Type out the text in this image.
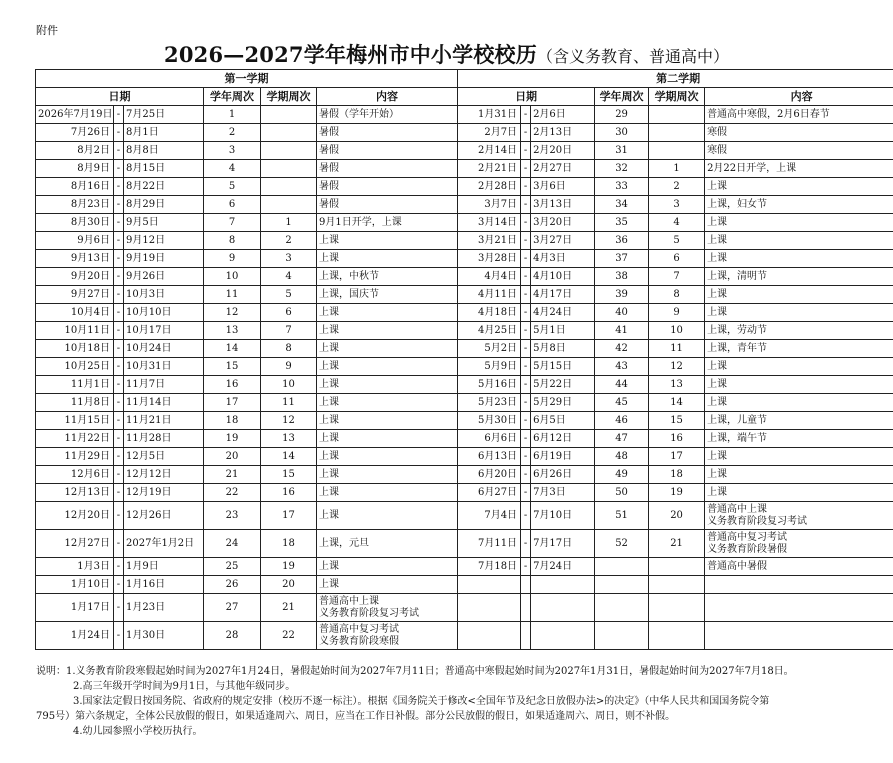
附件
2026—2027学年梅州市中小学校校历（含义务教育、普通高中）
第一学期						第二学期					
日期			学年周次	学期周次	内容	日期			学年周次	学期周次	内容
2026年7月19日	-	7月25日	1		暑假（学年开始）	1月31日	-	2月6日	29		普通高中寒假，2月6日春节

7月26日	-	8月1日	2		暑假	2月7日	-	2月13日	30		寒假

8月2日	-	8月8日	3		暑假	2月14日	-	2月20日	31		寒假

8月9日	-	8月15日	4		暑假	2月21日	-	2月27日	32	1	2月22日开学，上课

8月16日	-	8月22日	5		暑假	2月28日	-	3月6日	33	2	上课

8月23日	-	8月29日	6		暑假	3月7日	-	3月13日	34	3	上课，妇女节

8月30日	-	9月5日	7	1	9月1日开学，上课	3月14日	-	3月20日	35	4	上课

9月6日	-	9月12日	8	2	上课	3月21日	-	3月27日	36	5	上课

9月13日	-	9月19日	9	3	上课	3月28日	-	4月3日	37	6	上课

9月20日	-	9月26日	10	4	上课，中秋节	4月4日	-	4月10日	38	7	上课，清明节

9月27日	-	10月3日	11	5	上课，国庆节	4月11日	-	4月17日	39	8	上课

10月4日	-	10月10日	12	6	上课	4月18日	-	4月24日	40	9	上课

10月11日	-	10月17日	13	7	上课	4月25日	-	5月1日	41	10	上课，劳动节

10月18日	-	10月24日	14	8	上课	5月2日	-	5月8日	42	11	上课，青年节

10月25日	-	10月31日	15	9	上课	5月9日	-	5月15日	43	12	上课

11月1日	-	11月7日	16	10	上课	5月16日	-	5月22日	44	13	上课

11月8日	-	11月14日	17	11	上课	5月23日	-	5月29日	45	14	上课

11月15日	-	11月21日	18	12	上课	5月30日	-	6月5日	46	15	上课，儿童节

11月22日	-	11月28日	19	13	上课	6月6日	-	6月12日	47	16	上课，端午节

11月29日	-	12月5日	20	14	上课	6月13日	-	6月19日	48	17	上课

12月6日	-	12月12日	21	15	上课	6月20日	-	6月26日	49	18	上课

12月13日	-	12月19日	22	16	上课	6月27日	-	7月3日	50	19	上课

12月20日	-	12月26日	23	17	上课	7月4日	-	7月10日	51	20	普通高中上课
义务教育阶段复习考试

12月27日	-	2027年1月2日	24	18	上课，元旦	7月11日	-	7月17日	52	21	普通高中复习考试
义务教育阶段暑假

1月3日	-	1月9日	25	19	上课	7月18日	-	7月24日			普通高中暑假

1月10日	-	1月16日	26	20	上课						

1月17日	-	1月23日	27	21	普通高中上课
义务教育阶段复习考试						

1月24日	-	1月30日	28	22	普通高中复习考试
义务教育阶段寒假						

说明：1.义务教育阶段寒假起始时间为2027年1月24日，暑假起始时间为2027年7月11日；普通高中寒假起始时间为2027年1月31日，暑假起始时间为2027年7月18日。
2.高三年级开学时间为9月1日，与其他年级同步。
3.国家法定假日按国务院、省政府的规定安排（校历不逐一标注）。根据《国务院关于修改<全国年节及纪念日放假办法>的决定》（中华人民共和国国务院令第
795号）第六条规定，全体公民放假的假日，如果适逢周六、周日，应当在工作日补假。部分公民放假的假日，如果适逢周六、周日，则不补假。
4.幼儿园参照小学校历执行。
